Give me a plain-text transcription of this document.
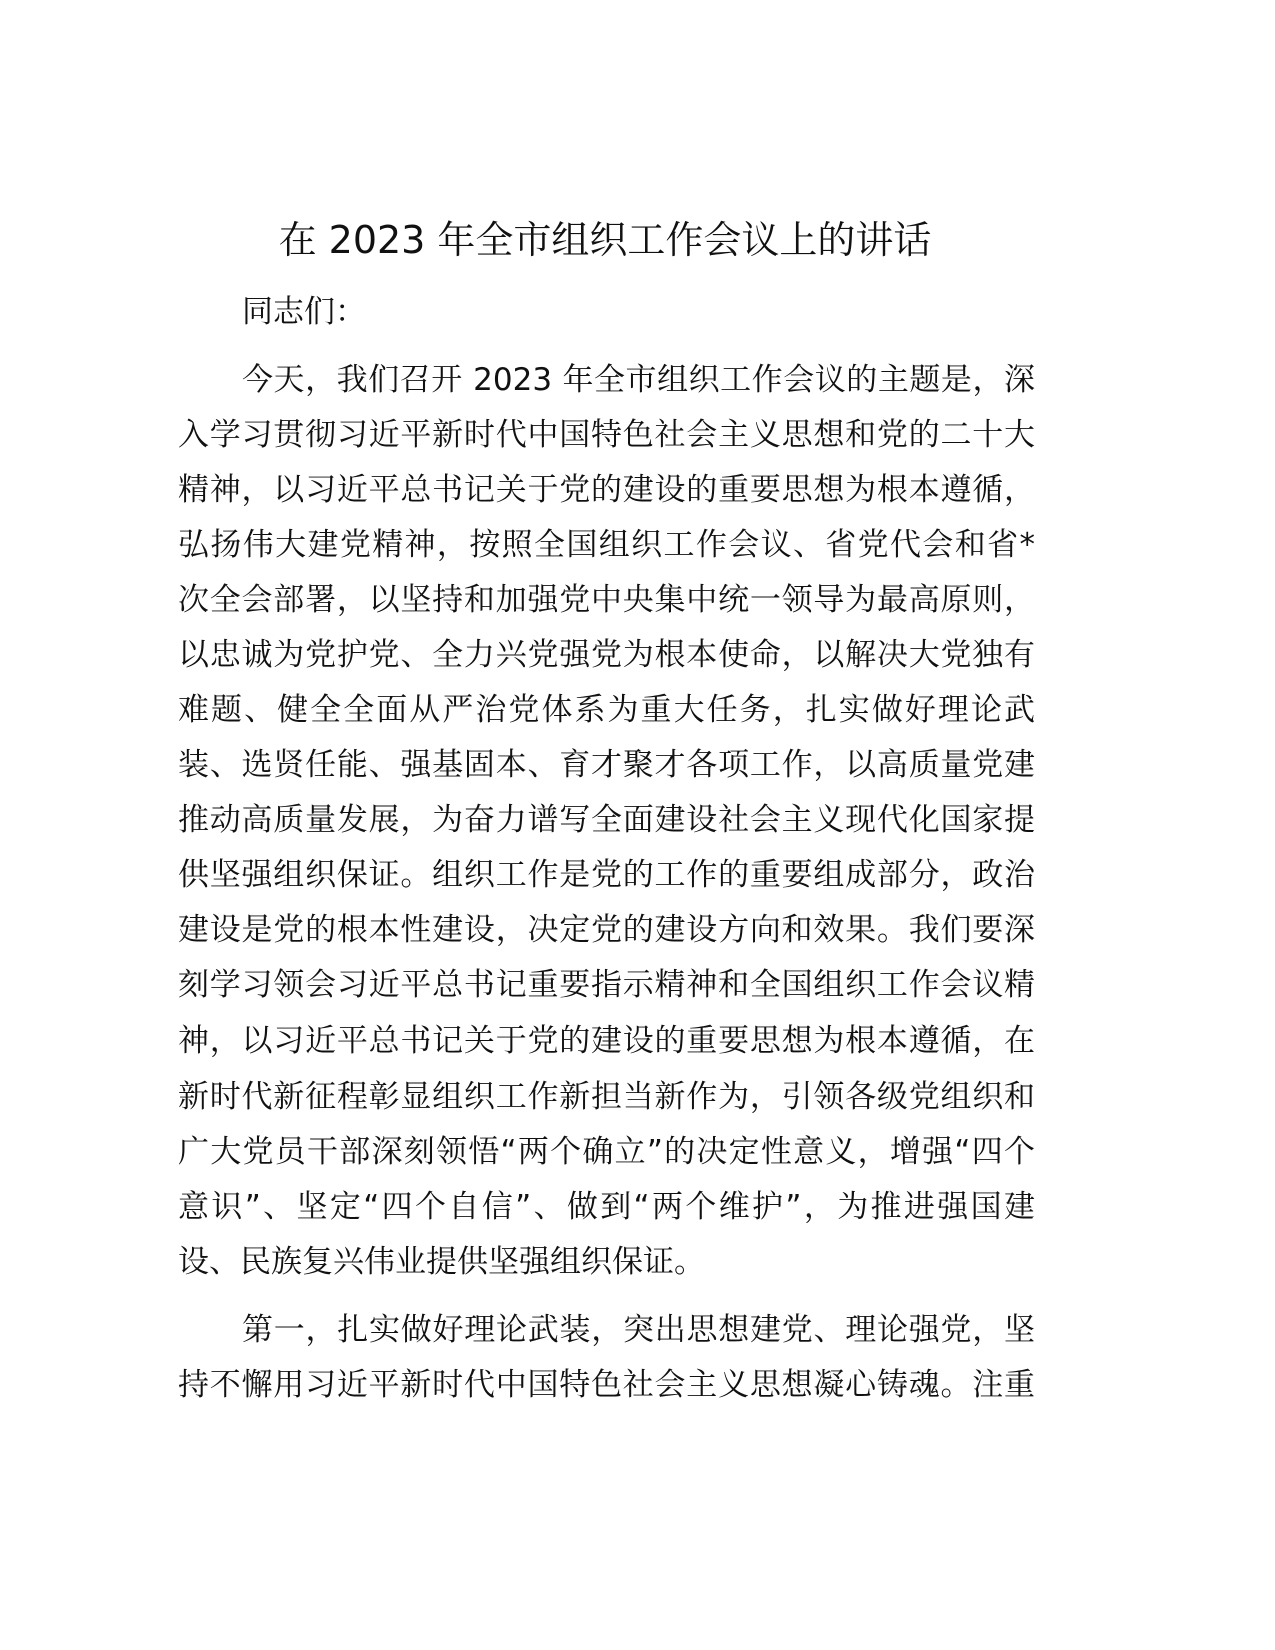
在 2023 年全市组织工作会议上的讲话
同志们：
今天，我们召开 2023 年全市组织工作会议的主题是，深
入学习贯彻习近平新时代中国特色社会主义思想和党的二十大
精神，以习近平总书记关于党的建设的重要思想为根本遵循，
弘扬伟大建党精神，按照全国组织工作会议、省党代会和省*
次全会部署，以坚持和加强党中央集中统一领导为最高原则，
以忠诚为党护党、全力兴党强党为根本使命，以解决大党独有
难题、健全全面从严治党体系为重大任务，扎实做好理论武
装、选贤任能、强基固本、育才聚才各项工作，以高质量党建
推动高质量发展，为奋力谱写全面建设社会主义现代化国家提
供坚强组织保证。组织工作是党的工作的重要组成部分，政治
建设是党的根本性建设，决定党的建设方向和效果。我们要深
刻学习领会习近平总书记重要指示精神和全国组织工作会议精
神，以习近平总书记关于党的建设的重要思想为根本遵循，在
新时代新征程彰显组织工作新担当新作为，引领各级党组织和
广大党员干部深刻领悟“两个确立”的决定性意义，增强“四个
意识”、坚定“四个自信”、做到“两个维护”，为推进强国建
设、民族复兴伟业提供坚强组织保证。
第一，扎实做好理论武装，突出思想建党、理论强党，坚
持不懈用习近平新时代中国特色社会主义思想凝心铸魂。注重
